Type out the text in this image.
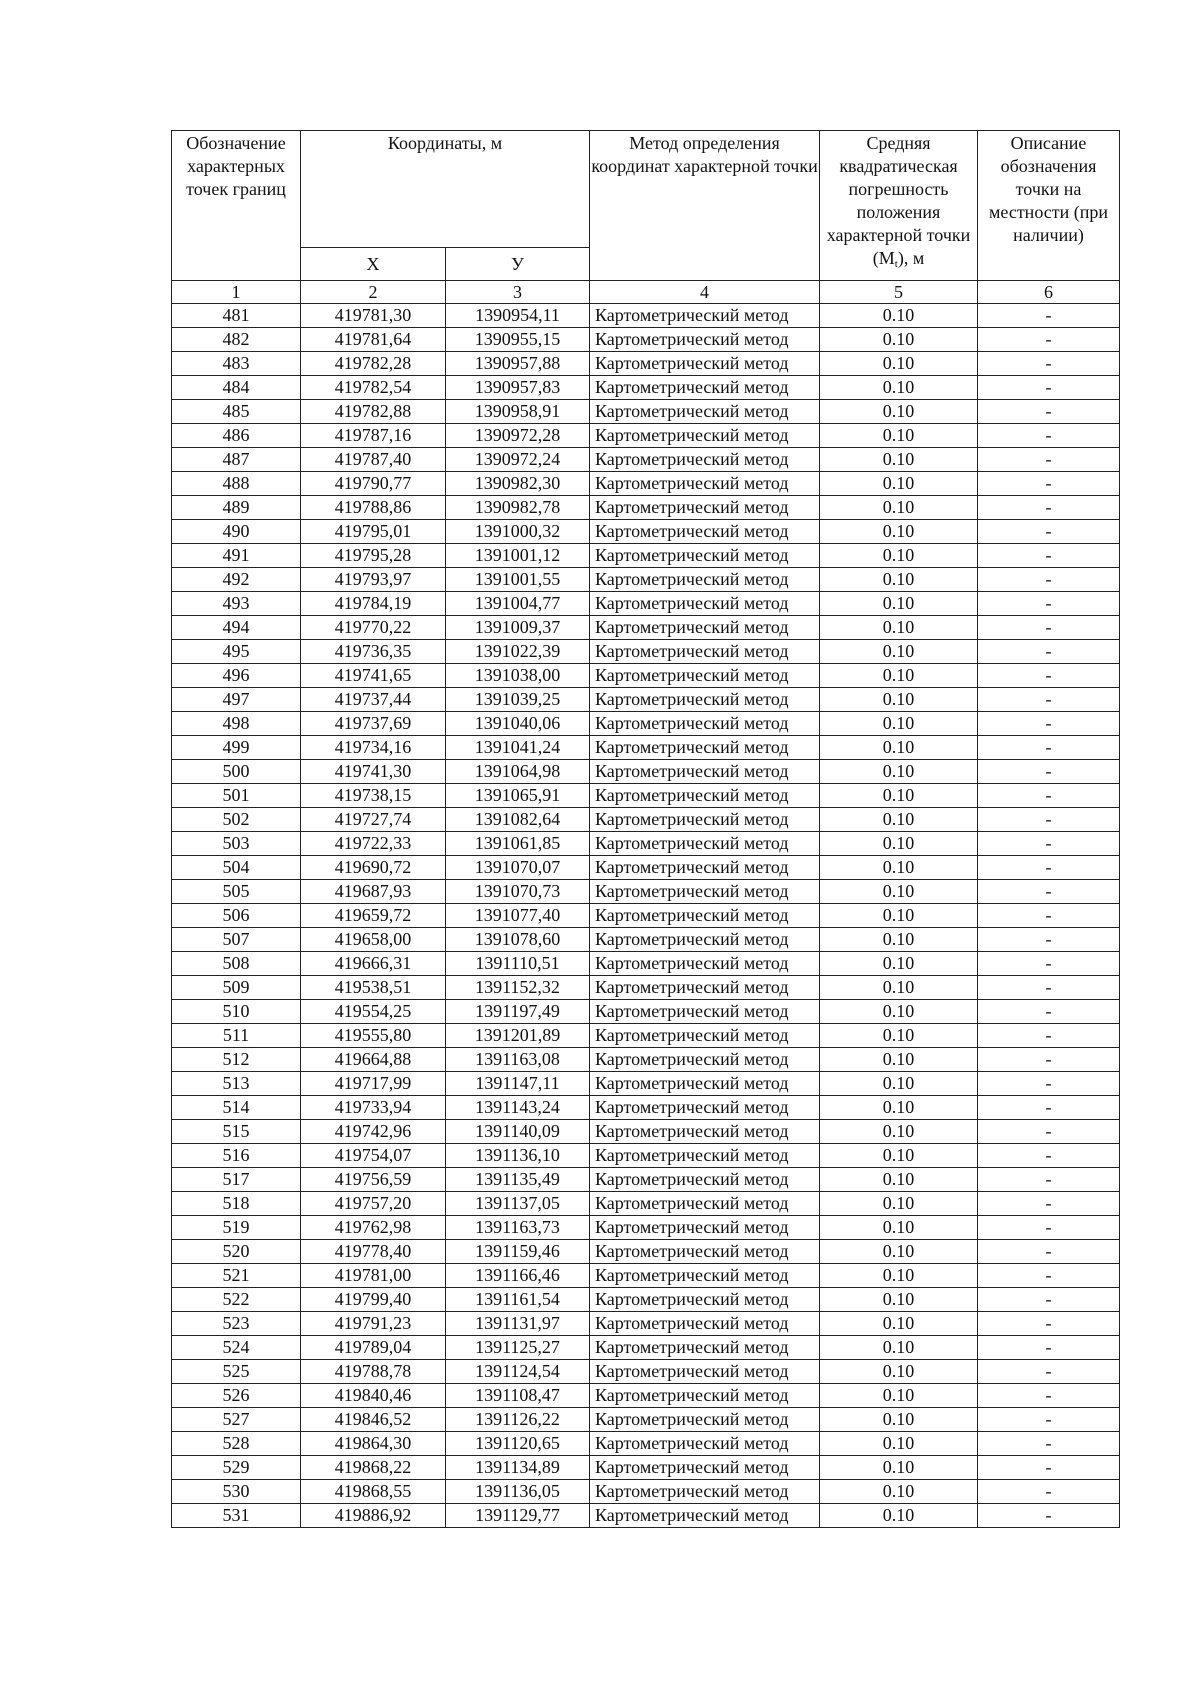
Обозначение характерных точек границ	Координаты, м		Метод определения координат характерной точки	Средняя квадратическая погрешность положения характерной точки $(M_t)$, м	Описание обозначения точки на местности (при наличии)
	X	У			
1	2	3	4	5	6
481	419781,30	1390954,11	Картометрический метод	0.10	-
482	419781,64	1390955,15	Картометрический метод	0.10	-
483	419782,28	1390957,88	Картометрический метод	0.10	-
484	419782,54	1390957,83	Картометрический метод	0.10	-
485	419782,88	1390958,91	Картометрический метод	0.10	-
486	419787,16	1390972,28	Картометрический метод	0.10	-
487	419787,40	1390972,24	Картометрический метод	0.10	-
488	419790,77	1390982,30	Картометрический метод	0.10	-
489	419788,86	1390982,78	Картометрический метод	0.10	-
490	419795,01	1391000,32	Картометрический метод	0.10	-
491	419795,28	1391001,12	Картометрический метод	0.10	-
492	419793,97	1391001,55	Картометрический метод	0.10	-
493	419784,19	1391004,77	Картометрический метод	0.10	-
494	419770,22	1391009,37	Картометрический метод	0.10	-
495	419736,35	1391022,39	Картометрический метод	0.10	-
496	419741,65	1391038,00	Картометрический метод	0.10	-
497	419737,44	1391039,25	Картометрический метод	0.10	-
498	419737,69	1391040,06	Картометрический метод	0.10	-
499	419734,16	1391041,24	Картометрический метод	0.10	-
500	419741,30	1391064,98	Картометрический метод	0.10	-
501	419738,15	1391065,91	Картометрический метод	0.10	-
502	419727,74	1391082,64	Картометрический метод	0.10	-
503	419722,33	1391061,85	Картометрический метод	0.10	-
504	419690,72	1391070,07	Картометрический метод	0.10	-
505	419687,93	1391070,73	Картометрический метод	0.10	-
506	419659,72	1391077,40	Картометрический метод	0.10	-
507	419658,00	1391078,60	Картометрический метод	0.10	-
508	419666,31	1391110,51	Картометрический метод	0.10	-
509	419538,51	1391152,32	Картометрический метод	0.10	-
510	419554,25	1391197,49	Картометрический метод	0.10	-
511	419555,80	1391201,89	Картометрический метод	0.10	-
512	419664,88	1391163,08	Картометрический метод	0.10	-
513	419717,99	1391147,11	Картометрический метод	0.10	-
514	419733,94	1391143,24	Картометрический метод	0.10	-
515	419742,96	1391140,09	Картометрический метод	0.10	-
516	419754,07	1391136,10	Картометрический метод	0.10	-
517	419756,59	1391135,49	Картометрический метод	0.10	-
518	419757,20	1391137,05	Картометрический метод	0.10	-
519	419762,98	1391163,73	Картометрический метод	0.10	-
520	419778,40	1391159,46	Картометрический метод	0.10	-
521	419781,00	1391166,46	Картометрический метод	0.10	-
522	419799,40	1391161,54	Картометрический метод	0.10	-
523	419791,23	1391131,97	Картометрический метод	0.10	-
524	419789,04	1391125,27	Картометрический метод	0.10	-
525	419788,78	1391124,54	Картометрический метод	0.10	-
526	419840,46	1391108,47	Картометрический метод	0.10	-
527	419846,52	1391126,22	Картометрический метод	0.10	-
528	419864,30	1391120,65	Картометрический метод	0.10	-
529	419868,22	1391134,89	Картометрический метод	0.10	-
530	419868,55	1391136,05	Картометрический метод	0.10	-
531	419886,92	1391129,77	Картометрический метод	0.10	-
